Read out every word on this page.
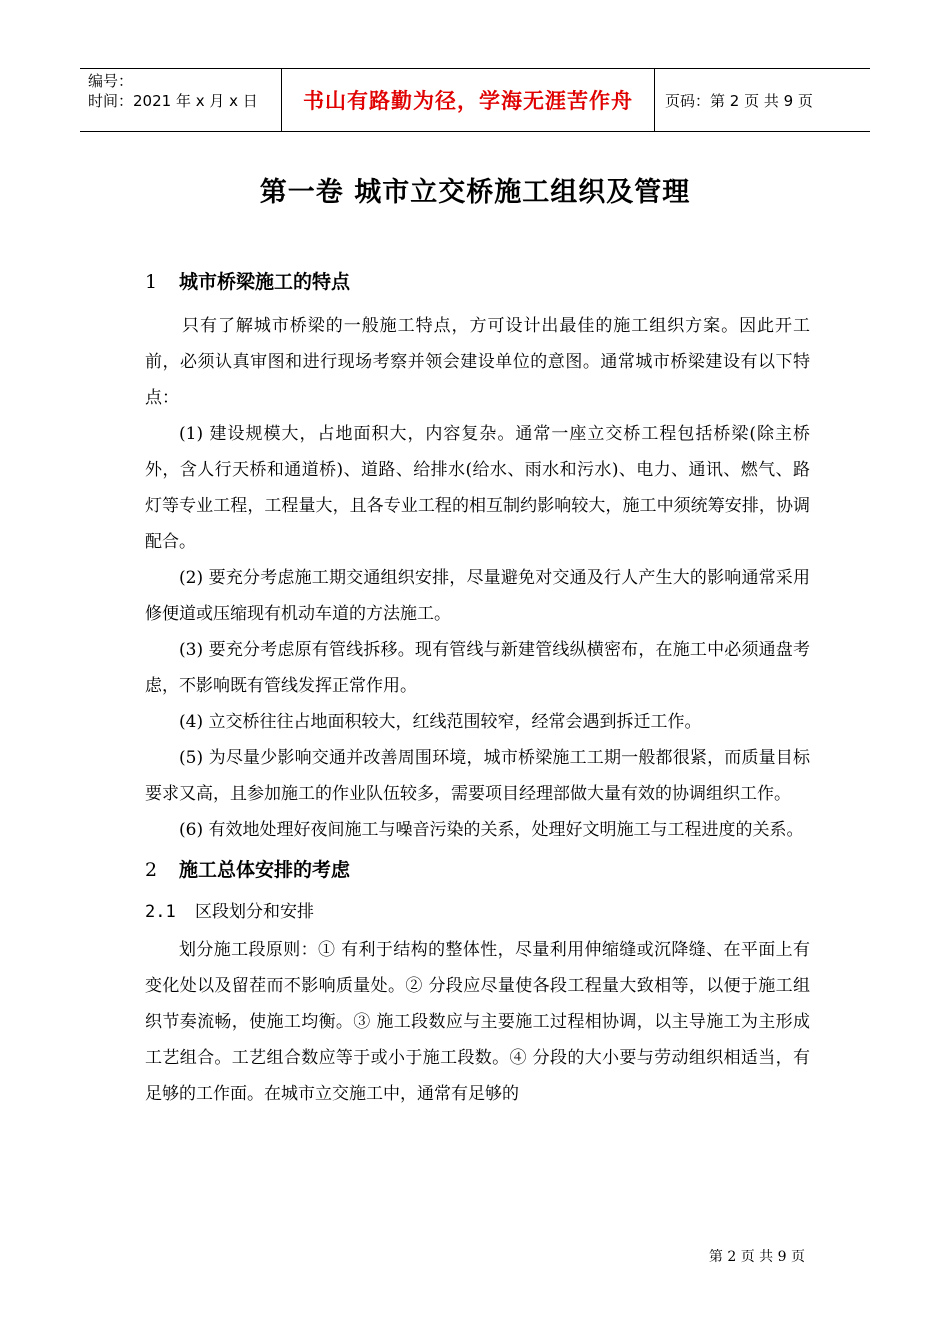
编号：
时间：2021 年 x 月 x 日	书山有路勤为径，学海无涯苦作舟	页码：第 2 页 共 9 页
第一卷 城市立交桥施工组织及管理
1 城市桥梁施工的特点

只有了解城市桥梁的一般施工特点，方可设计出最佳的施工组织方案。因此开工前，必须认真审图和进行现场考察并领会建设单位的意图。通常城市桥梁建设有以下特点：

(1) 建设规模大，占地面积大，内容复杂。通常一座立交桥工程包括桥梁(除主桥外，含人行天桥和通道桥)、道路、给排水(给水、雨水和污水)、电力、通讯、燃气、路灯等专业工程，工程量大，且各专业工程的相互制约影响较大，施工中须统筹安排，协调配合。

(2) 要充分考虑施工期交通组织安排，尽量避免对交通及行人产生大的影响通常采用修便道或压缩现有机动车道的方法施工。

(3) 要充分考虑原有管线拆移。现有管线与新建管线纵横密布，在施工中必须通盘考虑，不影响既有管线发挥正常作用。

(4) 立交桥往往占地面积较大，红线范围较窄，经常会遇到拆迁工作。

(5) 为尽量少影响交通并改善周围环境，城市桥梁施工工期一般都很紧，而质量目标要求又高，且参加施工的作业队伍较多，需要项目经理部做大量有效的协调组织工作。

(6) 有效地处理好夜间施工与噪音污染的关系，处理好文明施工与工程进度的关系。

2 施工总体安排的考虑
2.1 区段划分和安排

划分施工段原则：① 有利于结构的整体性，尽量利用伸缩缝或沉降缝、在平面上有变化处以及留茬而不影响质量处。② 分段应尽量使各段工程量大致相等，以便于施工组织节奏流畅，使施工均衡。③ 施工段数应与主要施工过程相协调，以主导施工为主形成工艺组合。工艺组合数应等于或小于施工段数。④ 分段的大小要与劳动组织相适当，有足够的工作面。在城市立交施工中，通常有足够的

第 2 页 共 9 页
